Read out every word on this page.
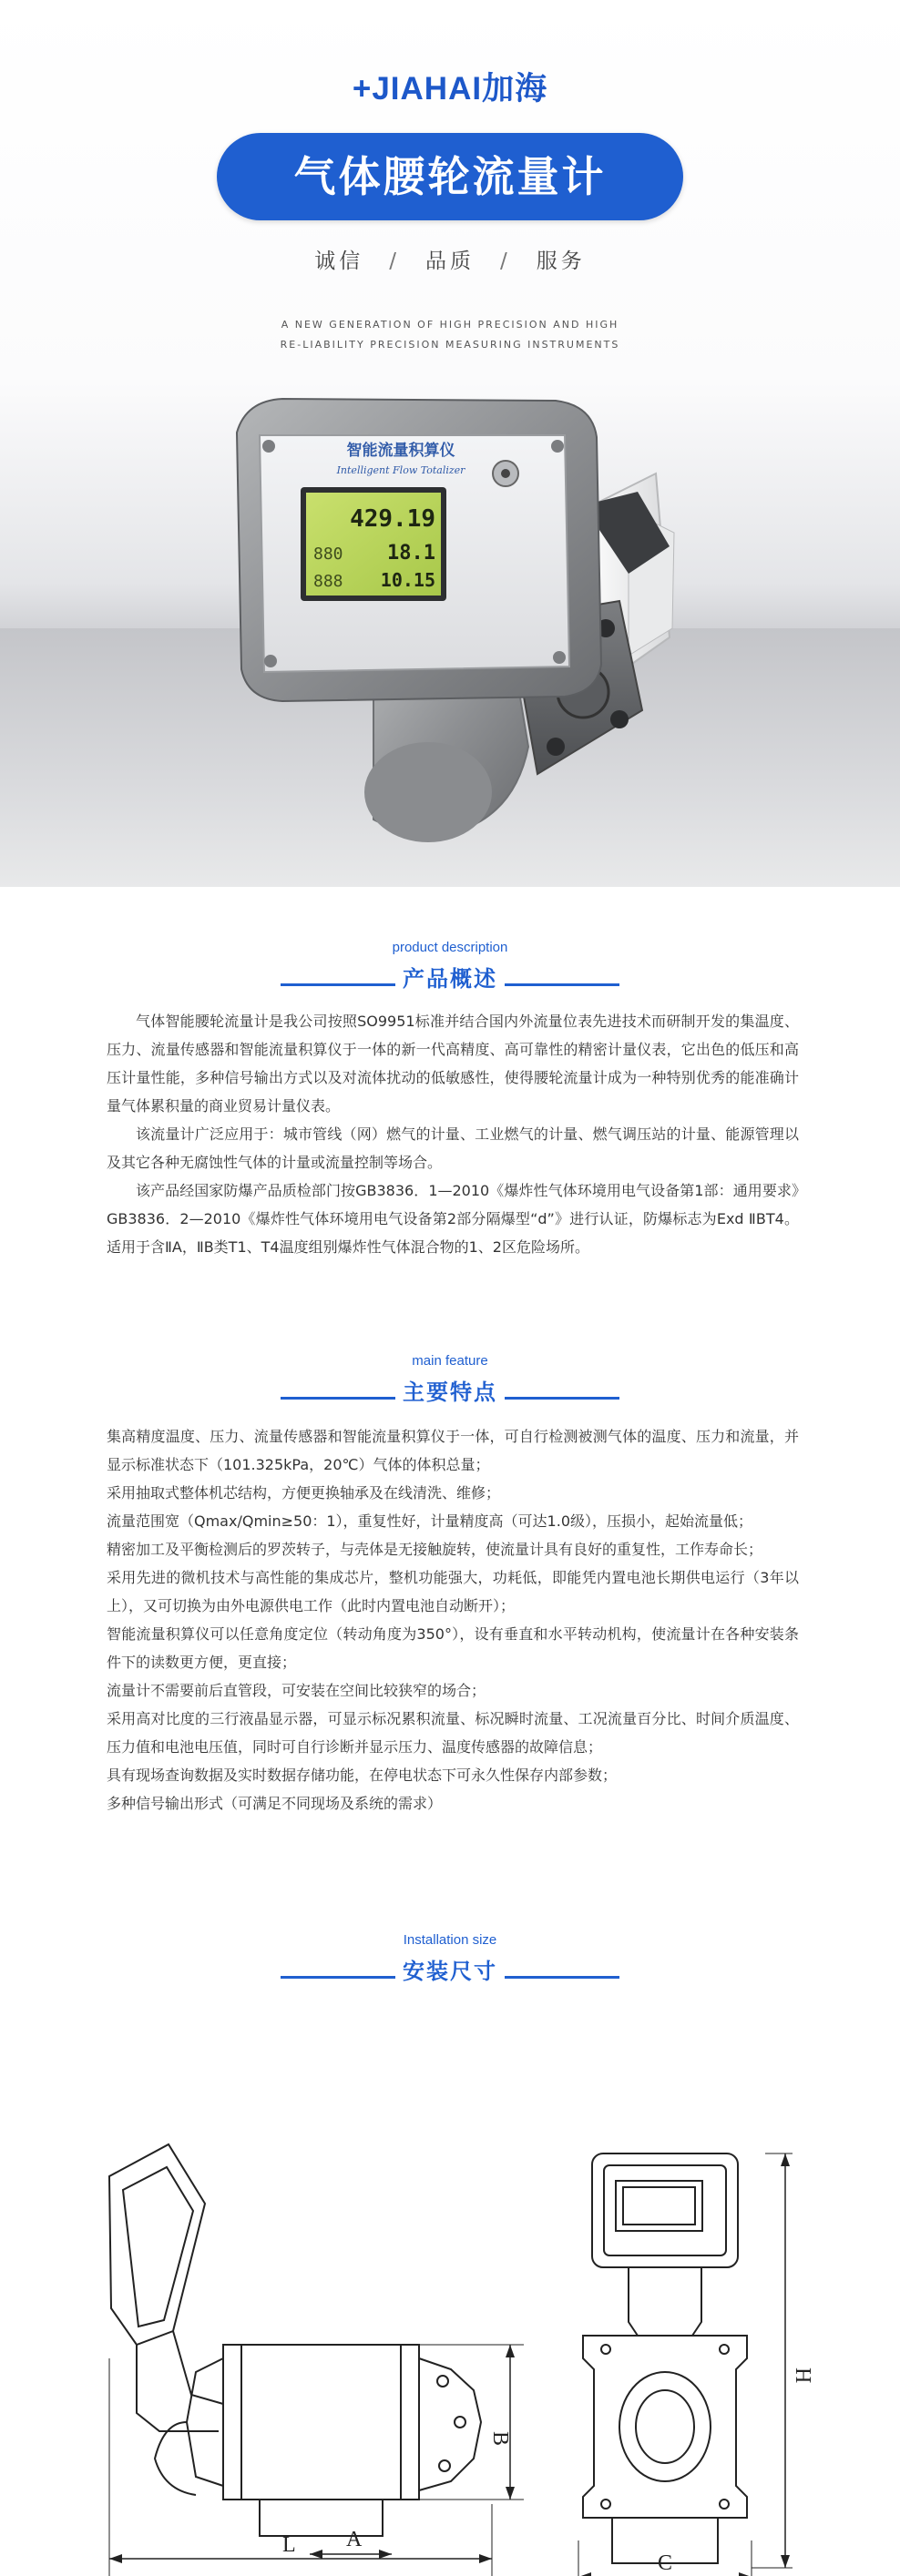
+JIAHAI加海
气体腰轮流量计
诚信 / 品质 / 服务
A NEW GENERATION OF HIGH PRECISION AND HIGH RE-LIABILITY PRECISION MEASURING INSTRUMENTS
智能流量积算仪
Intelligent Flow Totalizer
429.19
18.1
10.15
880
888
product description
产品概述

气体智能腰轮流量计是我公司按照SO9951标准并结合国内外流量位表先进技术而研制开发的集温度、压力、流量传感器和智能流量积算仪于一体的新一代高精度、高可靠性的精密计量仪表，它出色的低压和高压计量性能，多种信号输出方式以及对流体扰动的低敏感性，使得腰轮流量计成为一种特别优秀的能准确计量气体累积量的商业贸易计量仪表。

该流量计广泛应用于：城市管线（网）燃气的计量、工业燃气的计量、燃气调压站的计量、能源管理以及其它各种无腐蚀性气体的计量或流量控制等场合。

该产品经国家防爆产品质检部门按GB3836．1—2010《爆炸性气体环境用电气设备第1部：通用要求》GB3836．2—2010《爆炸性气体环境用电气设备第2部分隔爆型“d”》进行认证，防爆标志为Exd ⅡBT4。适用于含ⅡA，ⅡB类T1、T4温度组别爆炸性气体混合物的1、2区危险场所。

main feature
主要特点
集高精度温度、压力、流量传感器和智能流量积算仪于一体，可自行检测被测气体的温度、压力和流量，并显示标准状态下（101.325kPa，20℃）气体的体积总量；
采用抽取式整体机芯结构，方便更换轴承及在线清洗、维修；
流量范围宽（Qmax/Qmin≥50：1），重复性好，计量精度高（可达1.0级），压损小，起始流量低；
精密加工及平衡检测后的罗茨转子，与壳体是无接触旋转，使流量计具有良好的重复性，工作寿命长；
采用先进的微机技术与高性能的集成芯片，整机功能强大，功耗低，即能凭内置电池长期供电运行（3年以上），又可切换为由外电源供电工作（此时内置电池自动断开）；
智能流量积算仪可以任意角度定位（转动角度为350°），设有垂直和水平转动机构，使流量计在各种安装条件下的读数更方便，更直接；
流量计不需要前后直管段，可安装在空间比较狭窄的场合；
采用高对比度的三行液晶显示器，可显示标况累积流量、标况瞬时流量、工况流量百分比、时间介质温度、压力值和电池电压值，同时可自行诊断并显示压力、温度传感器的故障信息；
具有现场查询数据及实时数据存储功能，在停电状态下可永久性保存内部参数；
多种信号输出形式（可满足不同现场及系统的需求）
Installation size
安装尺寸
A
B
L
H
C
